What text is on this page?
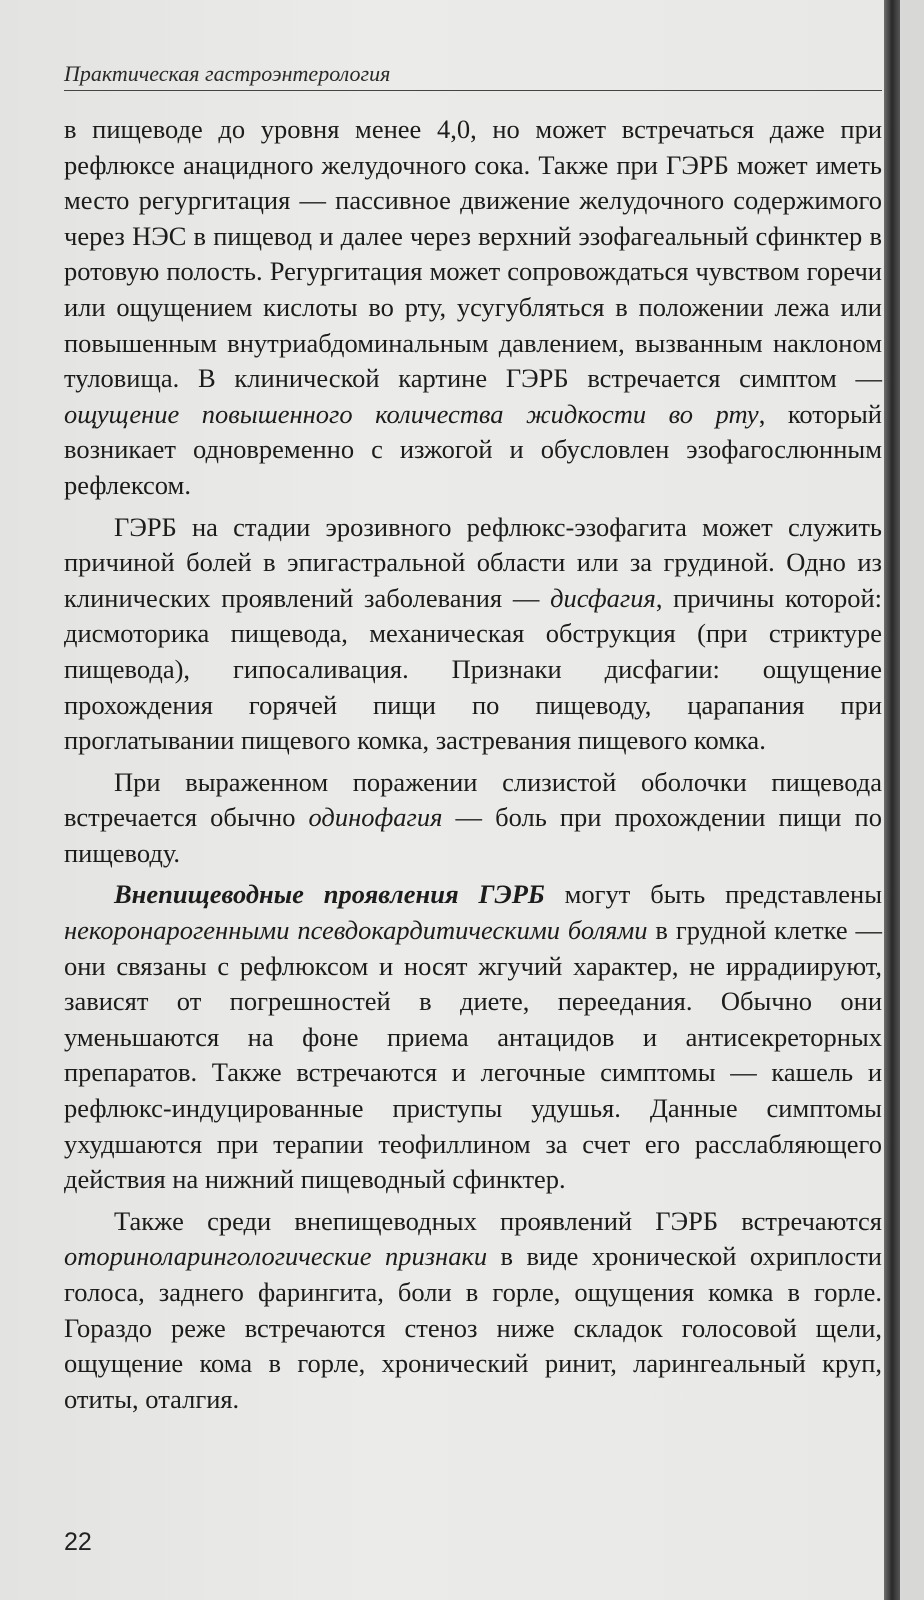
Практическая гастроэнтерология

в пищеводе до уровня менее 4,0, но может встречаться даже при рефлюксе анацидного желудочного сока. Также при ГЭРБ может иметь место регургитация — пассивное движение желудочного содержимого через НЭС в пищевод и далее через верхний эзофагеальный сфинктер в ротовую полость. Регургитация может сопровождаться чувством горечи или ощущением кислоты во рту, усугубляться в положении лежа или повышенным внутриабдоминальным давлением, вызванным наклоном туловища. В клинической картине ГЭРБ встречается симптом — ощущение повышенного количества жидкости во рту, который возникает одновременно с изжогой и обусловлен эзофагослюнным рефлексом.

ГЭРБ на стадии эрозивного рефлюкс-эзофагита может служить причиной болей в эпигастральной области или за грудиной. Одно из клинических проявлений заболевания — дисфагия, причины которой: дисмоторика пищевода, механическая обструкция (при стриктуре пищевода), гипосаливация. Признаки дисфагии: ощущение прохождения горячей пищи по пищеводу, царапания при проглатывании пищевого комка, застревания пищевого комка.

При выраженном поражении слизистой оболочки пищевода встречается обычно одинофагия — боль при прохождении пищи по пищеводу.

Внепищеводные проявления ГЭРБ могут быть представлены некоронарогенными псевдокардитическими болями в грудной клетке — они связаны с рефлюксом и носят жгучий характер, не иррадиируют, зависят от погрешностей в диете, переедания. Обычно они уменьшаются на фоне приема антацидов и антисекреторных препаратов. Также встречаются и легочные симптомы — кашель и рефлюкс-индуцированные приступы удушья. Данные симптомы ухудшаются при терапии теофиллином за счет его расслабляющего действия на нижний пищеводный сфинктер.

Также среди внепищеводных проявлений ГЭРБ встречаются оториноларингологические признаки в виде хронической охриплости голоса, заднего фарингита, боли в горле, ощущения комка в горле. Гораздо реже встречаются стеноз ниже складок голосовой щели, ощущение кома в горле, хронический ринит, ларингеальный круп, отиты, оталгия.

22
